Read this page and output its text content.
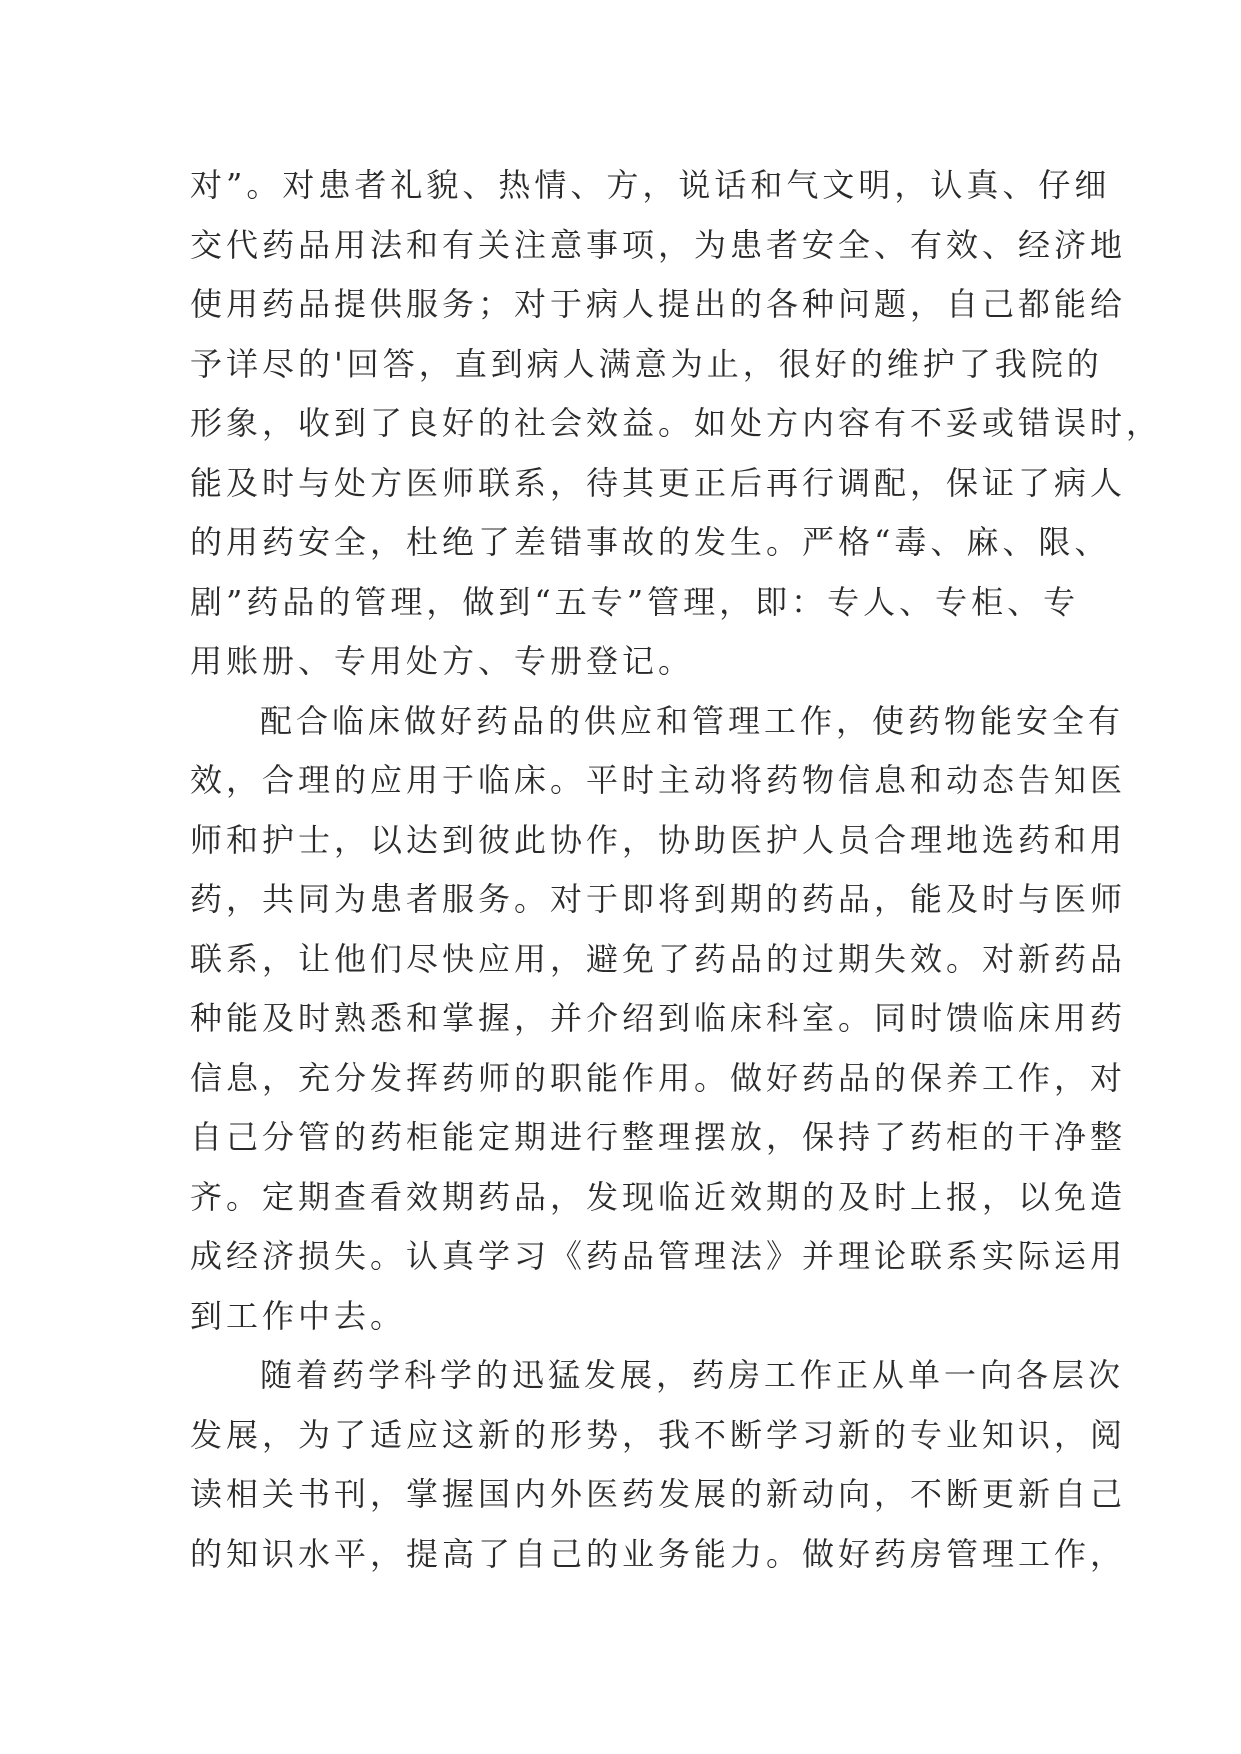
对”。对患者礼貌、热情、方，说话和气文明，认真、仔细
交代药品用法和有关注意事项，为患者安全、有效、经济地
使用药品提供服务；对于病人提出的各种问题，自己都能给
予详尽的'回答，直到病人满意为止，很好的维护了我院的
形象，收到了良好的社会效益。如处方内容有不妥或错误时，
能及时与处方医师联系，待其更正后再行调配，保证了病人
的用药安全，杜绝了差错事故的发生。严格“毒、麻、限、
剧”药品的管理，做到“五专”管理，即：专人、专柜、专
用账册、专用处方、专册登记。
配合临床做好药品的供应和管理工作，使药物能安全有
效，合理的应用于临床。平时主动将药物信息和动态告知医
师和护士，以达到彼此协作，协助医护人员合理地选药和用
药，共同为患者服务。对于即将到期的药品，能及时与医师
联系，让他们尽快应用，避免了药品的过期失效。对新药品
种能及时熟悉和掌握，并介绍到临床科室。同时馈临床用药
信息，充分发挥药师的职能作用。做好药品的保养工作，对
自己分管的药柜能定期进行整理摆放，保持了药柜的干净整
齐。定期查看效期药品，发现临近效期的及时上报，以免造
成经济损失。认真学习《药品管理法》并理论联系实际运用
到工作中去。
随着药学科学的迅猛发展，药房工作正从单一向各层次
发展，为了适应这新的形势，我不断学习新的专业知识，阅
读相关书刊，掌握国内外医药发展的新动向，不断更新自己
的知识水平，提高了自己的业务能力。做好药房管理工作，
